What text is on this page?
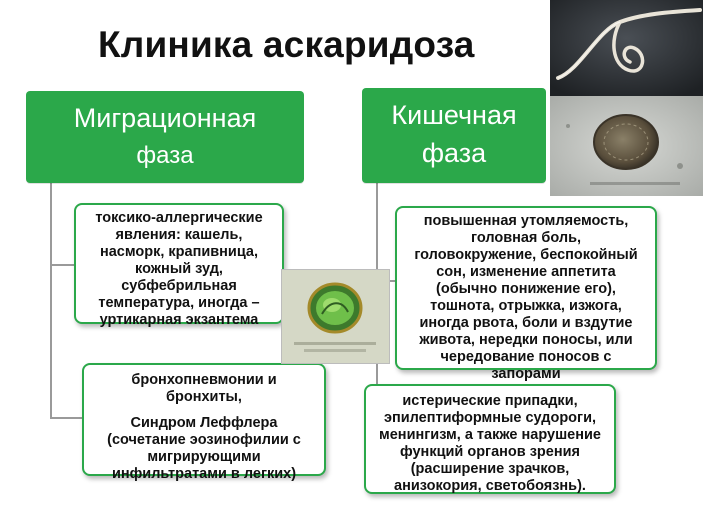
Клиника аскаридоза
Миграционная
фаза
Кишечная
фаза
токсико-аллергические
явления: кашель,
насморк, крапивница,
кожный зуд,
субфебрильная
температура, иногда –
уртикарная экзантема
бронхопневмонии и
бронхиты,
Синдром Леффлера
(сочетание эозинофилии с
мигрирующими
инфильтратами в легких)
повышенная утомляемость,
головная боль,
головокружение, беспокойный
сон, изменение аппетита
(обычно понижение его),
тошнота, отрыжка, изжога,
иногда рвота, боли и вздутие
живота, нередки поносы, или
чередование поносов с
запорами
истерические припадки,
эпилептиформные судороги,
менингизм, а также нарушение
функций органов зрения
(расширение зрачков,
анизокория, светобоязнь).
